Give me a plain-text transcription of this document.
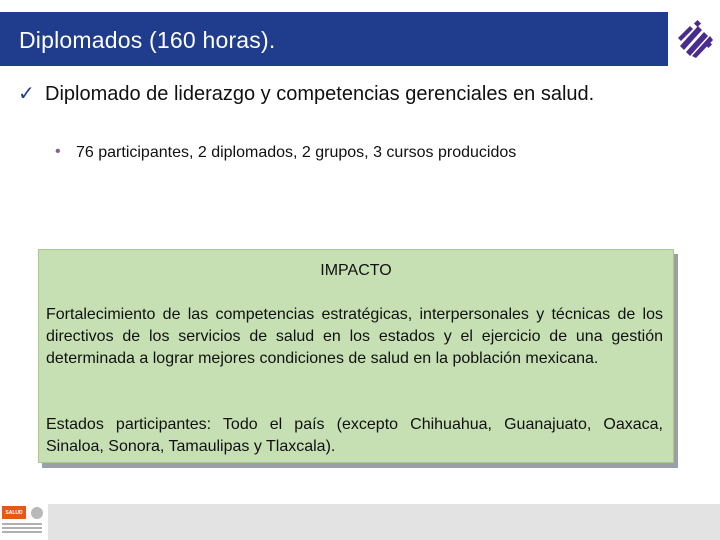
Diplomados (160 horas).
✓ Diplomado de liderazgo y competencias gerenciales en salud.
• 76 participantes, 2 diplomados, 2 grupos, 3 cursos producidos
IMPACTO
Fortalecimiento de las competencias estratégicas, interpersonales y técnicas de los directivos de los servicios de salud en los estados y el ejercicio de una gestión determinada a lograr mejores condiciones de salud en la población mexicana.
Estados participantes: Todo el país (excepto Chihuahua, Guanajuato, Oaxaca, Sinaloa, Sonora, Tamaulipas y Tlaxcala).
SALUD
